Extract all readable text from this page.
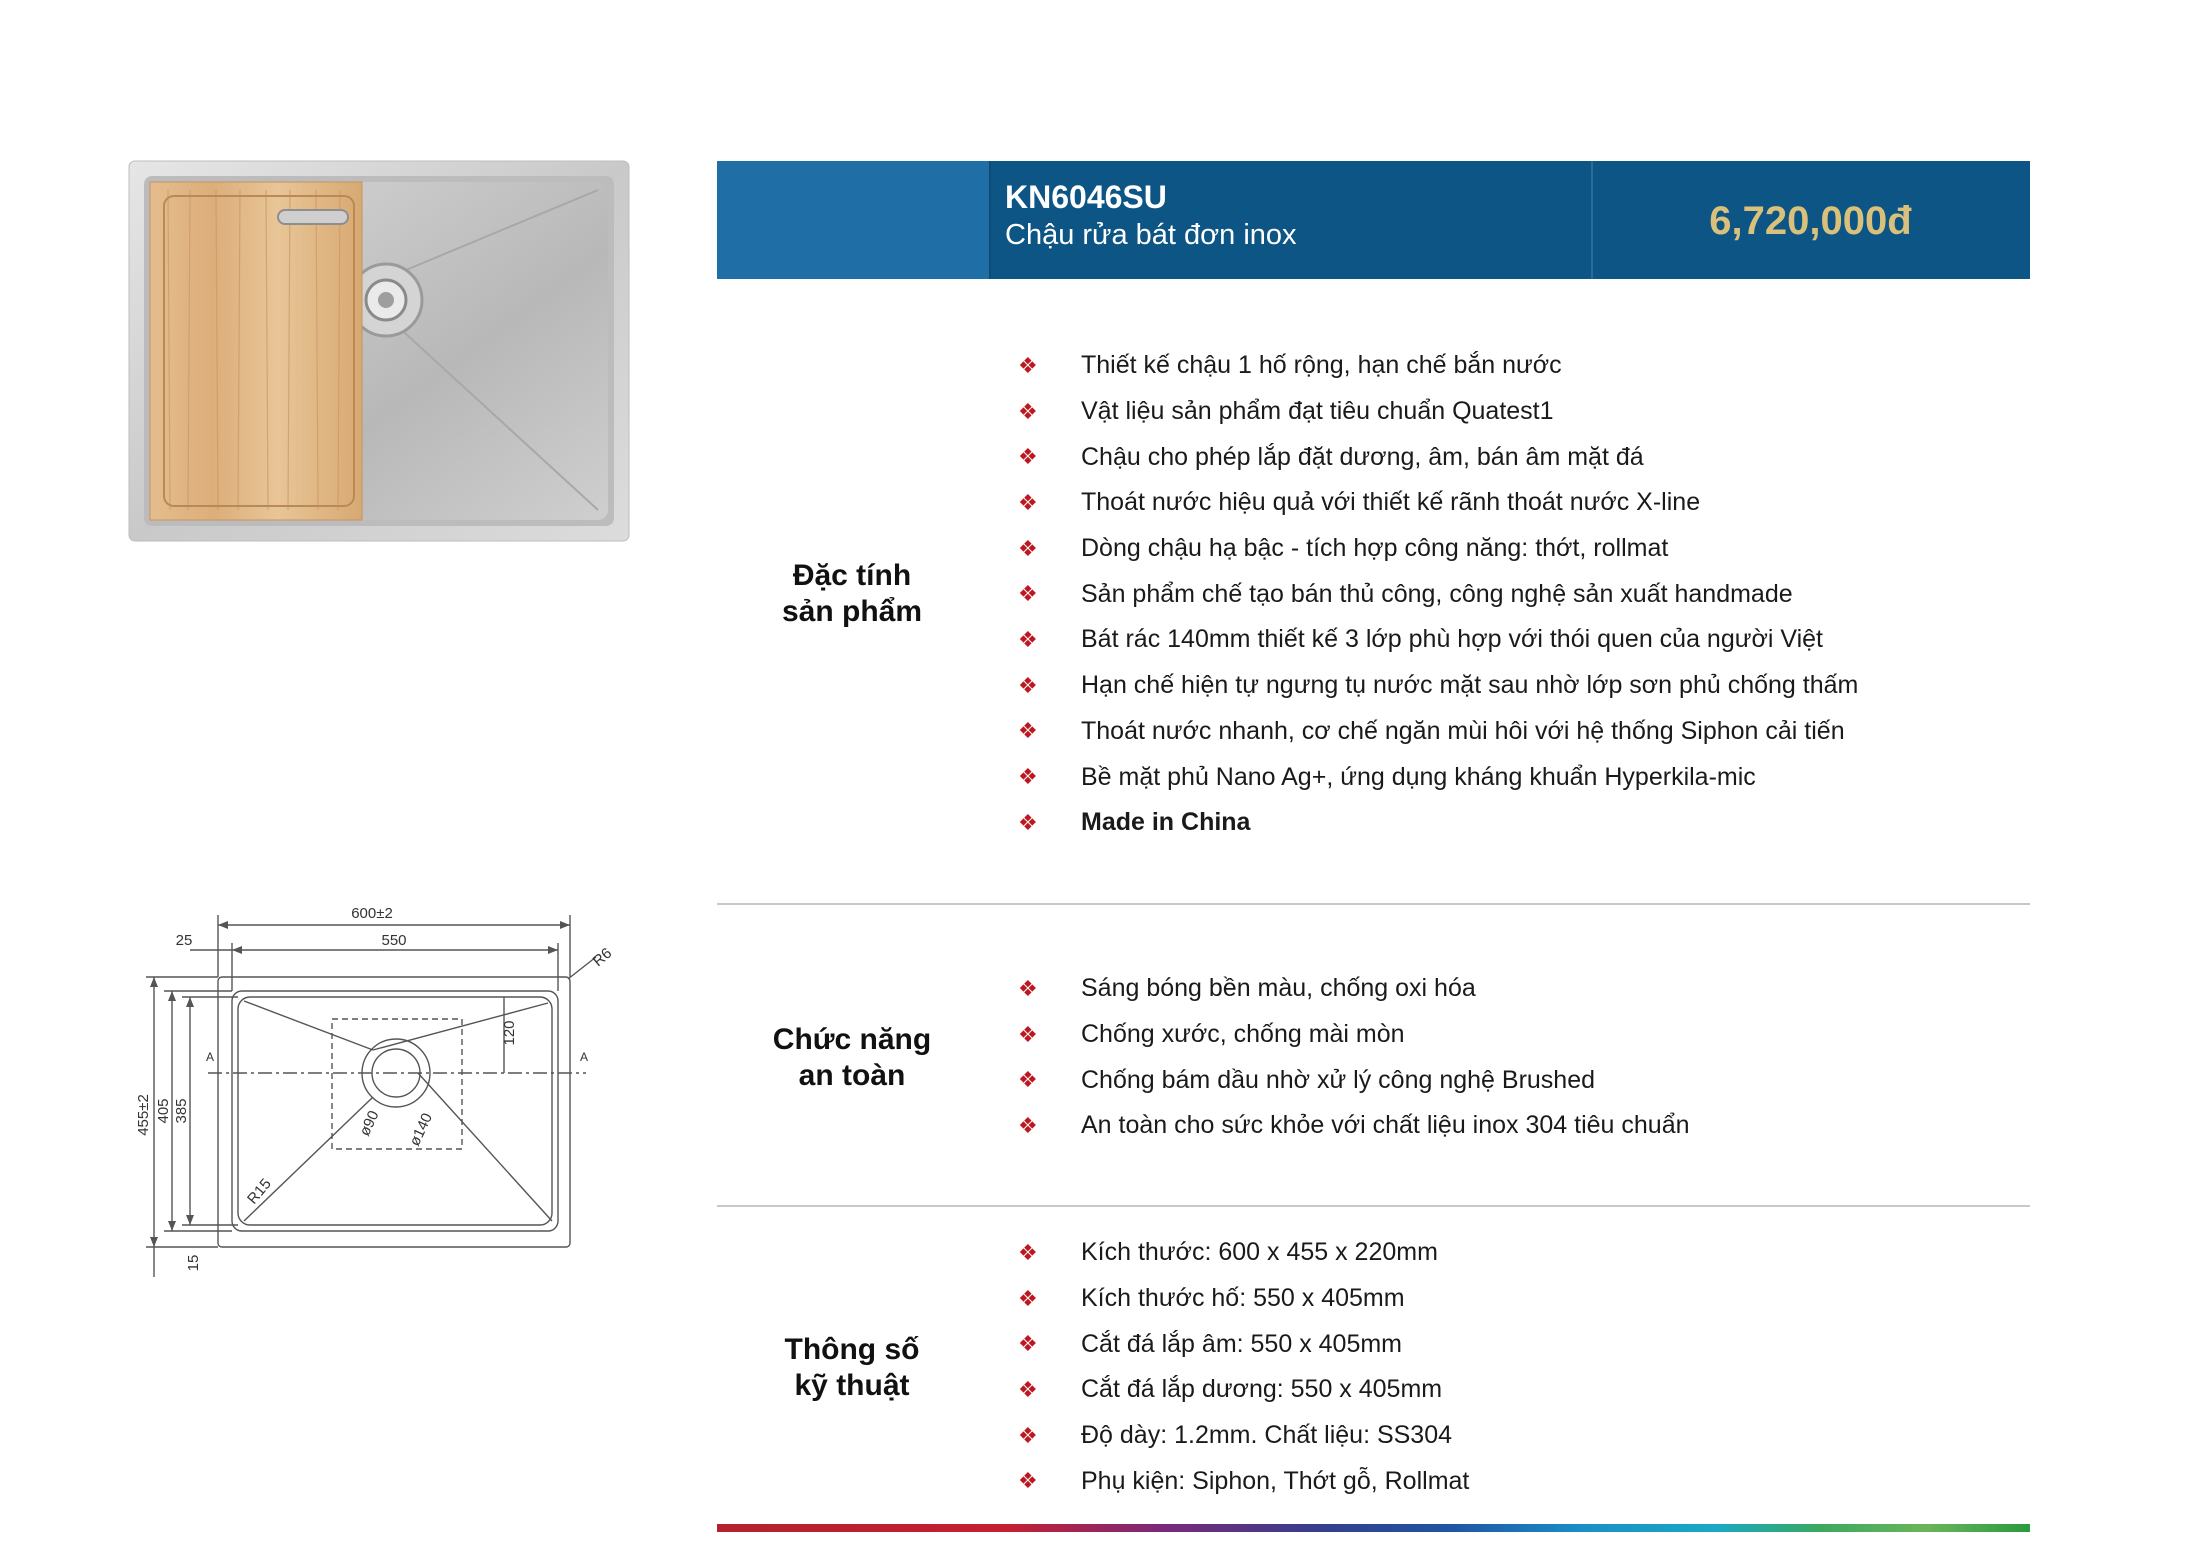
KN6046SU
Chậu rửa bát đơn inox	6,720,000đ
Đặc tính
sản phẩm
❖	Thiết kế chậu 1 hố rộng, hạn chế bắn nước
❖	Vật liệu sản phẩm đạt tiêu chuẩn Quatest1
❖	Chậu cho phép lắp đặt dương, âm, bán âm mặt đá
❖	Thoát nước hiệu quả với thiết kế rãnh thoát nước X-line
❖	Dòng chậu hạ bậc - tích hợp công năng: thớt, rollmat
❖	Sản phẩm chế tạo bán thủ công, công nghệ sản xuất handmade
❖	Bát rác 140mm thiết kế 3 lớp phù hợp với thói quen của người Việt
❖	Hạn chế hiện tự ngưng tụ nước mặt sau nhờ lớp sơn phủ chống thấm
❖	Thoát nước nhanh, cơ chế ngăn mùi hôi với hệ thống Siphon cải tiến
❖	Bề mặt phủ Nano Ag+, ứng dụng kháng khuẩn Hyperkila-mic
❖	Made in China
Chức năng
an toàn
❖	Sáng bóng bền màu, chống oxi hóa
❖	Chống xước, chống mài mòn
❖	Chống bám dầu nhờ xử lý công nghệ Brushed
❖	An toàn cho sức khỏe với chất liệu inox 304 tiêu chuẩn
Thông số
kỹ thuật
❖	Kích thước: 600 x 455 x 220mm
❖	Kích thước hố: 550 x 405mm
❖	Cắt đá lắp âm: 550 x 405mm
❖	Cắt đá lắp dương: 550 x 405mm
❖	Độ dày: 1.2mm. Chất liệu: SS304
❖	Phụ kiện: Siphon, Thớt gỗ, Rollmat
600±2
550
25
R6
455±2 405 385
15
120
R15
ø90 ø140
A	A
